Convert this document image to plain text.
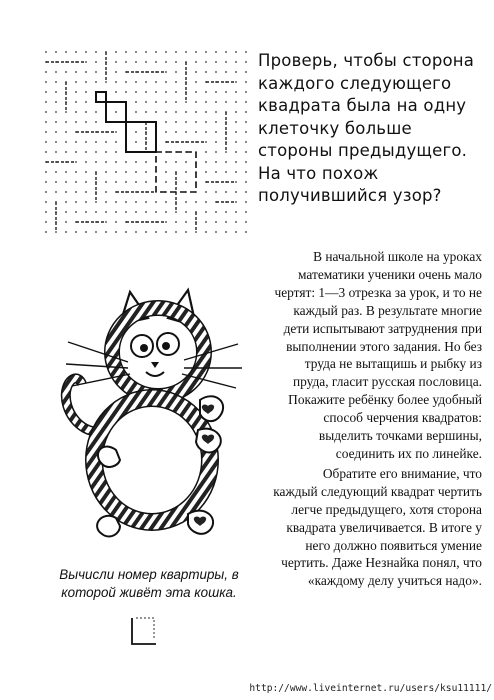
Проверь, чтобы сторона каждого следующего квадрата была на одну клеточку больше стороны предыдущего. На что похож получившийся узор?

В начальной школе на уроках математики ученики очень мало чертят: 1—3 отрезка за урок, и то не каждый раз. В результате многие дети испытывают затруднения при выполнении этого задания. Но без труда не вытащишь и рыбку из пруда, гласит русская пословица. Покажите ребёнку более удобный способ черчения квадратов: выделить точками вершины, соединить их по линейке.

Обратите его внимание, что каждый следующий квадрат чертить легче предыдущего, хотя сторона квадрата увеличивается. В итоге у него должно появиться умение чертить. Даже Незнайка понял, что «каждому делу учиться надо».

Вычисли номер квартиры, в которой живёт эта кошка.

http://www.liveinternet.ru/users/ksu11111/
